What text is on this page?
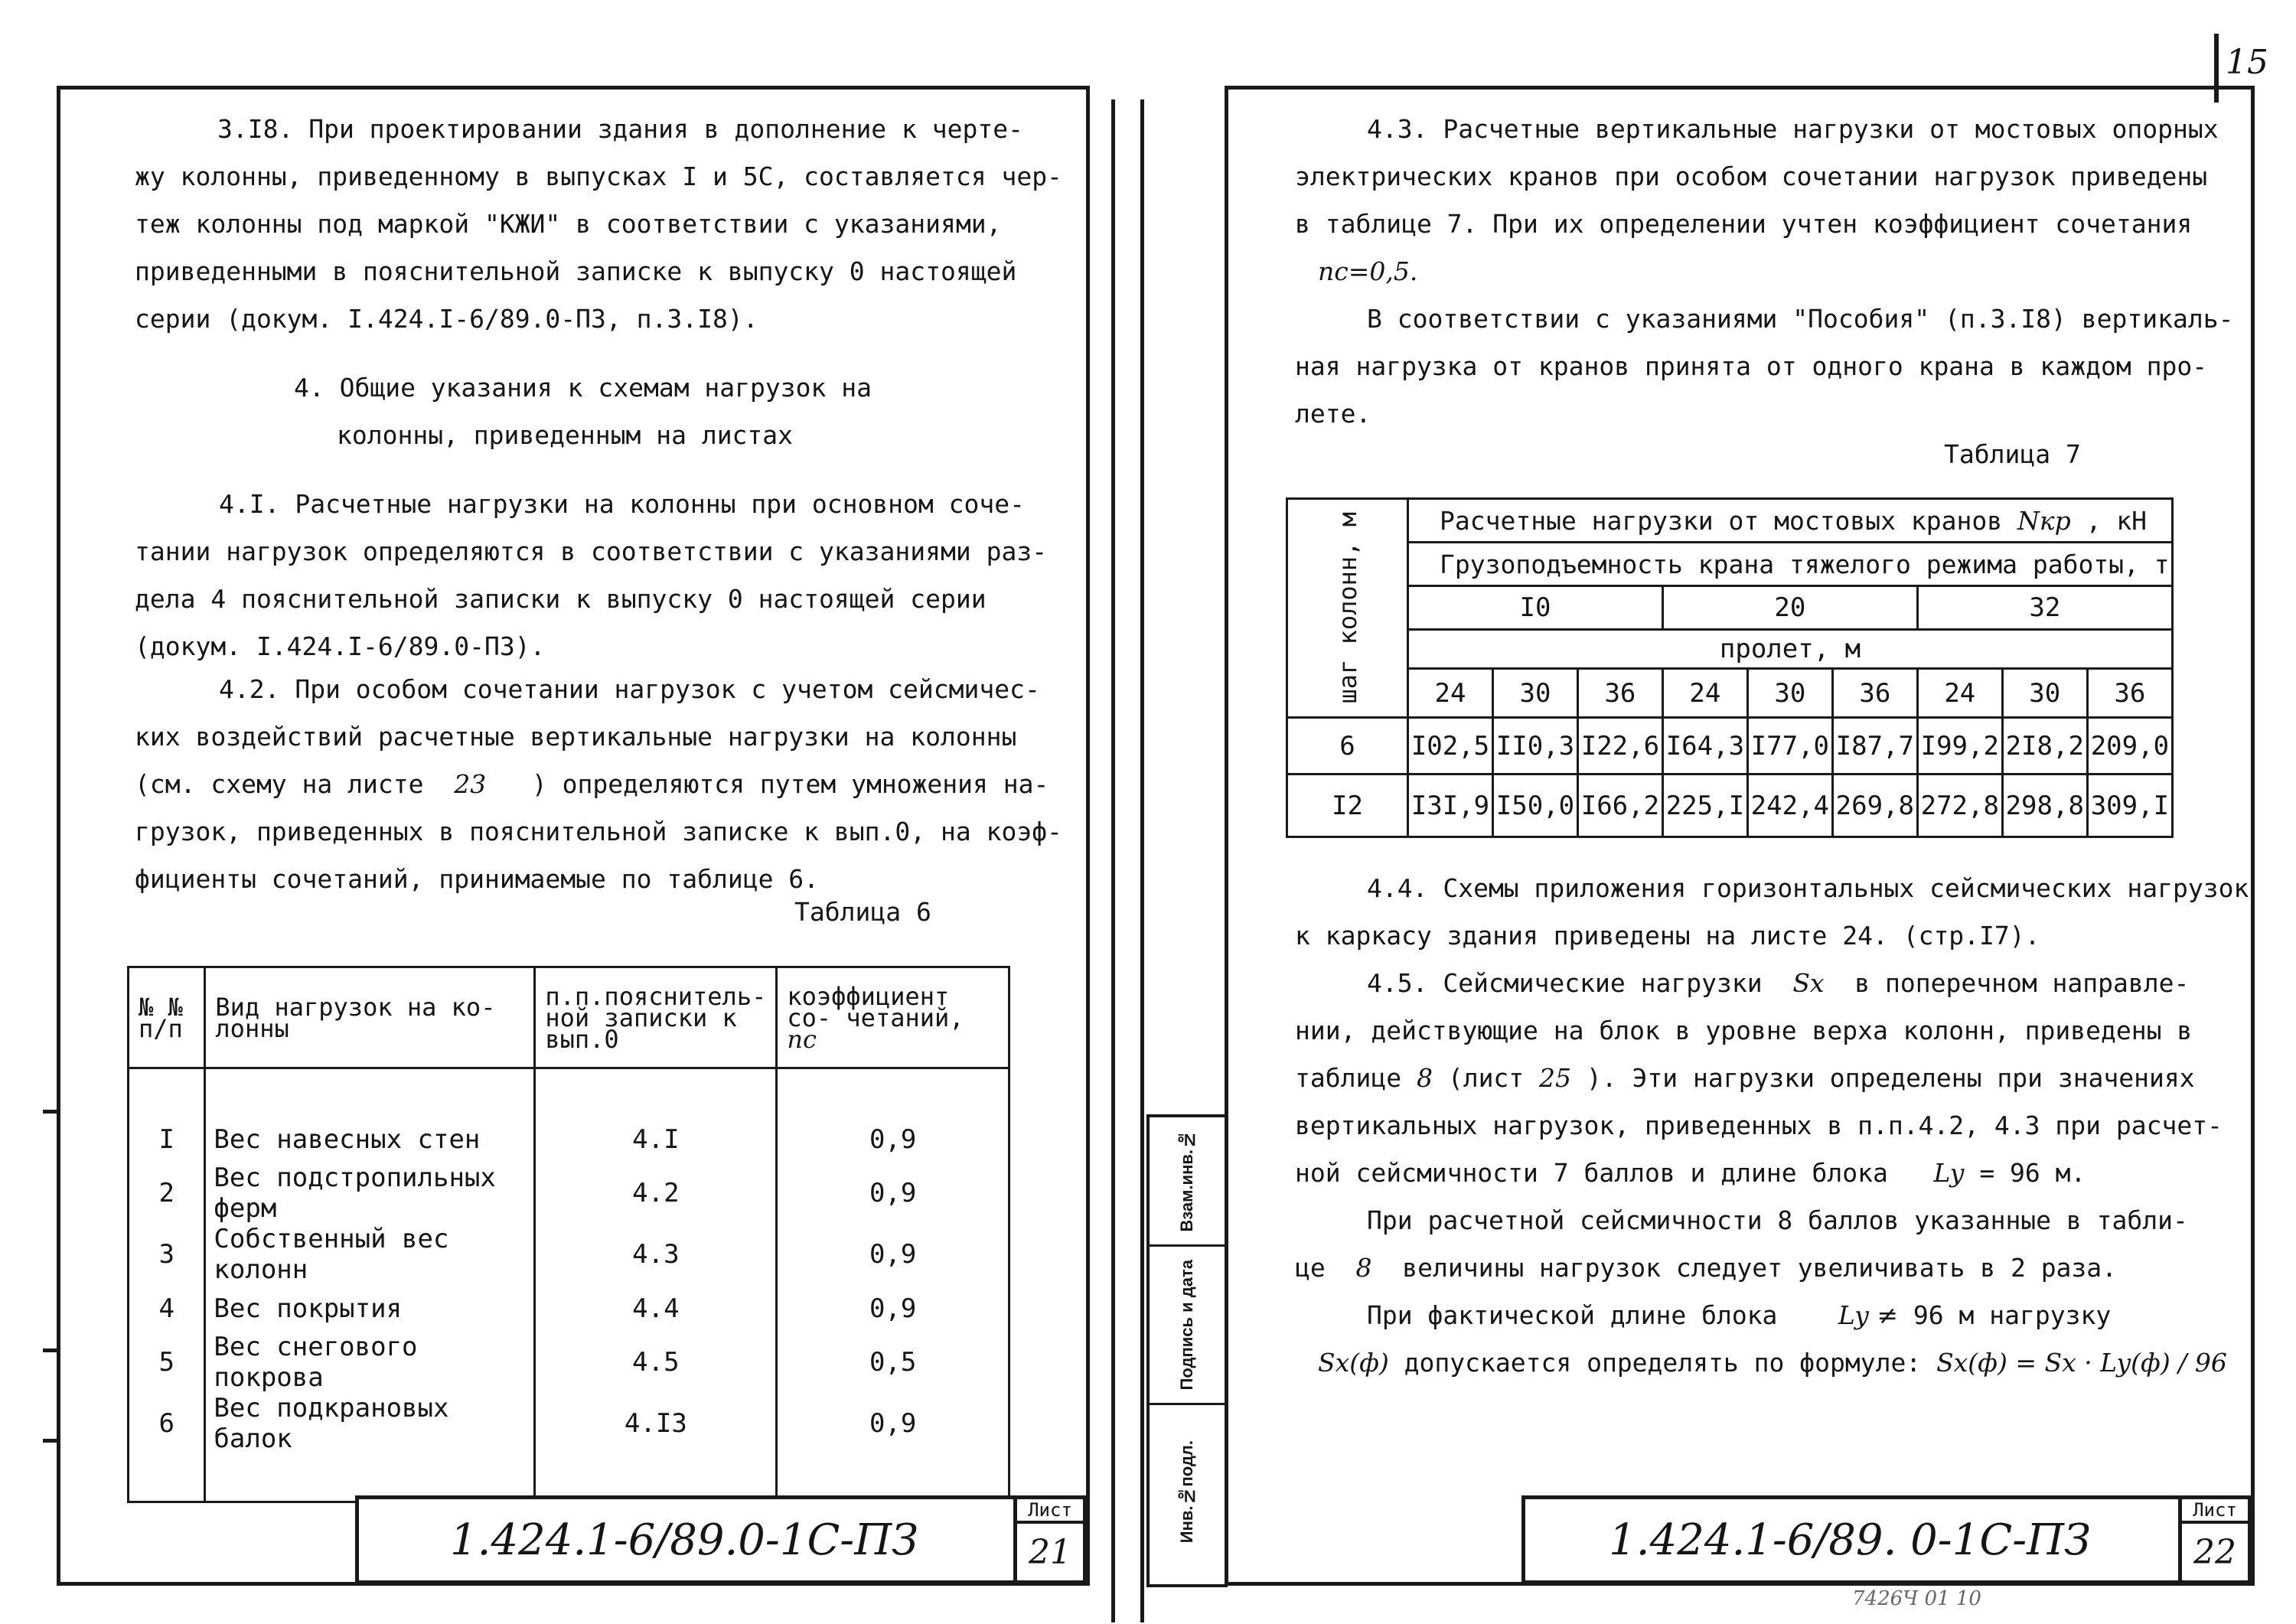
15
3.I8. При проектировании здания в дополнение к черте-
жу колонны, приведенному в выпусках I и 5С, составляется чер-
теж колонны под маркой "КЖИ" в соответствии с указаниями,
приведенными в пояснительной записке к выпуску 0 настоящей
серии (докум. I.424.I-6/89.0-ПЗ, п.3.I8).
4. Общие указания к схемам нагрузок на
колонны, приведенным на листах
4.I. Расчетные нагрузки на колонны при основном соче-
тании нагрузок определяются в соответствии с указаниями раз-
дела 4 пояснительной записки к выпуску 0 настоящей серии
(докум. I.424.I-6/89.0-ПЗ).
4.2. При особом сочетании нагрузок с учетом сейсмичес-
ких воздействий расчетные вертикальные нагрузки на колонны
(см. схему на листе 23 ) определяются путем умножения на-
грузок, приведенных в пояснительной записке к вып.0, на коэф-
фициенты сочетаний, принимаемые по таблице 6.
Таблица 6
№ № п/п	Вид нагрузок на ко- лонны	п.п.пояснитель- ной записки к вып.0	коэффициент со- четаний, nс

I	Вес навесных стен	4.I	0,9
2	Вес подстропильных ферм	4.2	0,9
3	Собственный вес колонн	4.3	0,9
4	Вес покрытия	4.4	0,9
5	Вес снегового покрова	4.5	0,5
6	Вес подкрановых балок	4.I3	0,9

1.424.1-6/89.0-1С-ПЗ
Лист
21
Взам.инв.№
Подпись и дата
Инв.№подл.
4.3. Расчетные вертикальные нагрузки от мостовых опорных
электрических кранов при особом сочетании нагрузок приведены
в таблице 7. При их определении учтен коэффициент сочетания
nc=0,5.
В соответствии с указаниями "Пособия" (п.3.I8) вертикаль-
ная нагрузка от кранов принята от одного крана в каждом про-
лете.
Таблица 7
шаг колонн, м	Расчетные нагрузки от мостовых кранов Nкр , кН								
	Грузоподъемность крана тяжелого режима работы, т								
	I0			20			32		
	пролет, м								
	24	30	36	24	30	36	24	30	36
6	I02,5	II0,3	I22,6	I64,3	I77,0	I87,7	I99,2	2I8,2	209,0
I2	I3I,9	I50,0	I66,2	225,I	242,4	269,8	272,8	298,8	309,I
4.4. Схемы приложения горизонтальных сейсмических нагрузок
к каркасу здания приведены на листе 24. (стр.I7).
4.5. Сейсмические нагрузки Sx в поперечном направле-
нии, действующие на блок в уровне верха колонн, приведены в
таблице 8 (лист 25 ). Эти нагрузки определены при значениях
вертикальных нагрузок, приведенных в п.п.4.2, 4.3 при расчет-
ной сейсмичности 7 баллов и длине блока Ly = 96 м.
При расчетной сейсмичности 8 баллов указанные в табли-
це 8 величины нагрузок следует увеличивать в 2 раза.
При фактической длине блока Ly ≠ 96 м нагрузку
Sx(ф) допускается определять по формуле: Sx(ф) = Sx · Ly(ф) / 96
1.424.1-6/89. 0-1С-ПЗ
Лист
22
7426Ч 01 10
